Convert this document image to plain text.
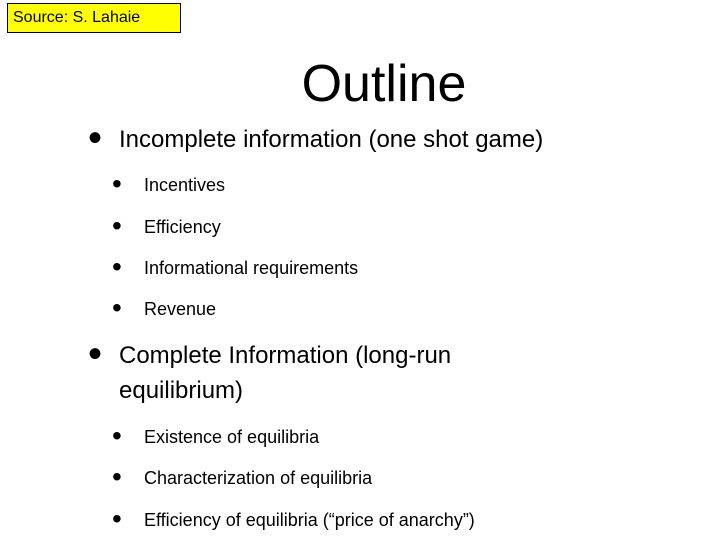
Source: S. Lahaie
Outline
• Incomplete information (one shot game)
• Incentives
• Efficiency
• Informational requirements
• Revenue
• Complete Information (long-run
equilibrium)
• Existence of equilibria
• Characterization of equilibria
• Efficiency of equilibria (“price of anarchy”)
